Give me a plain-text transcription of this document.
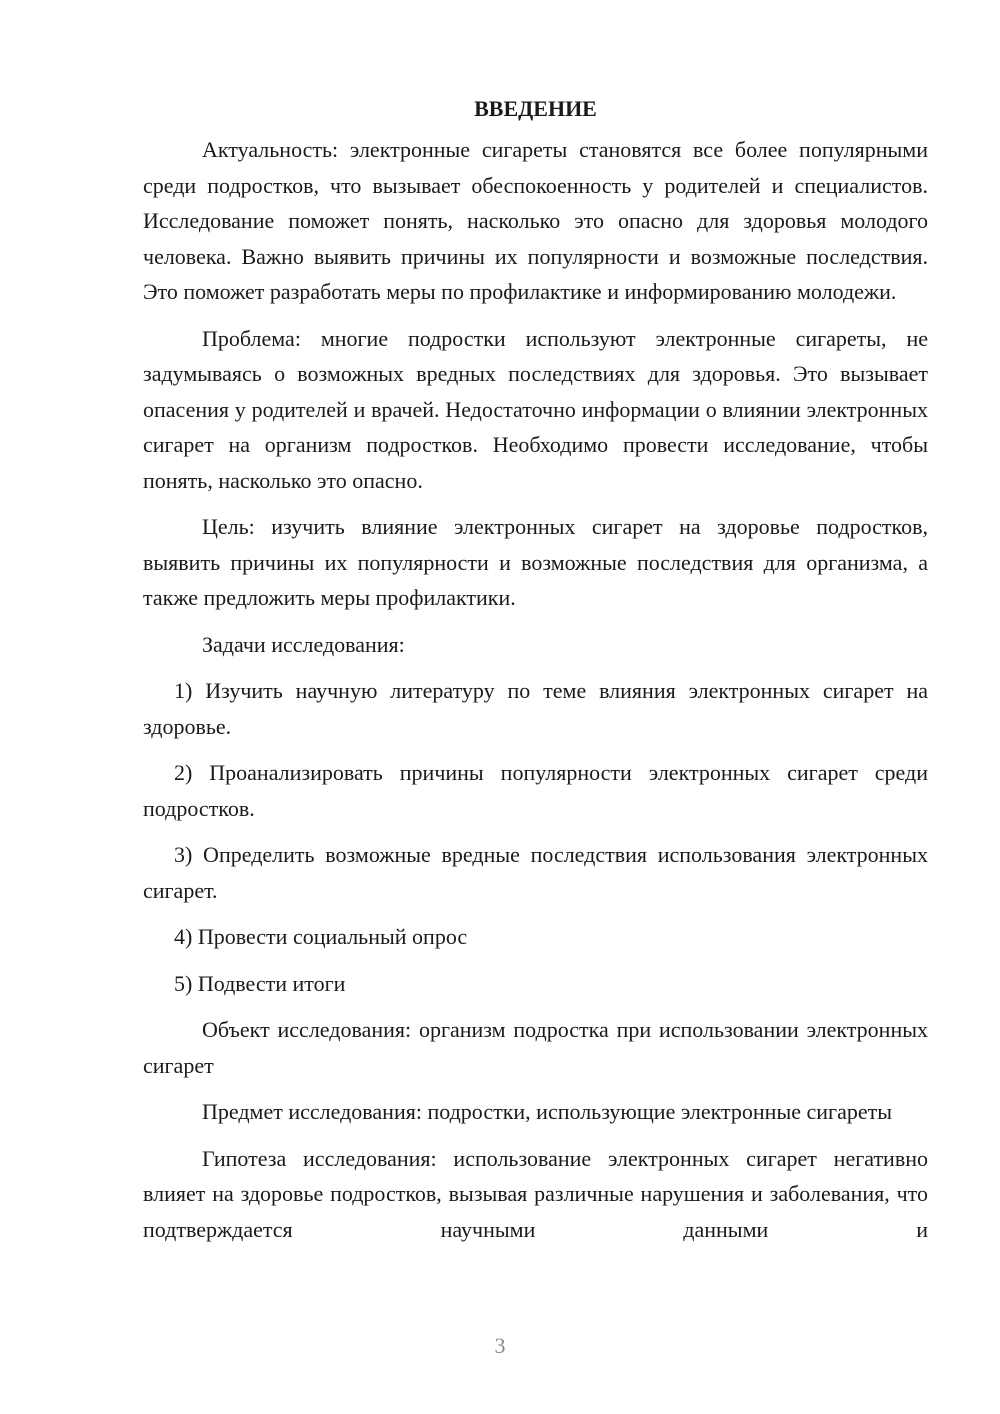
ВВЕДЕНИЕ

Актуальность: электронные сигареты становятся все более популярными среди подростков, что вызывает обеспокоенность у родителей и специалистов. Исследование поможет понять, насколько это опасно для здоровья молодого человека. Важно выявить причины их популярности и возможные последствия. Это поможет разработать меры по профилактике и информированию молодежи.

Проблема: многие подростки используют электронные сигареты, не задумываясь о возможных вредных последствиях для здоровья. Это вызывает опасения у родителей и врачей. Недостаточно информации о влиянии электронных сигарет на организм подростков. Необходимо провести исследование, чтобы понять, насколько это опасно.

Цель: изучить влияние электронных сигарет на здоровье подростков, выявить причины их популярности и возможные последствия для организма, а также предложить меры профилактики.

Задачи исследования:

1) Изучить научную литературу по теме влияния электронных сигарет на здоровье.

2) Проанализировать причины популярности электронных сигарет среди подростков.

3) Определить возможные вредные последствия использования электронных сигарет.

4) Провести социальный опрос

5) Подвести итоги

Объект исследования: организм подростка при использовании электронных сигарет

Предмет исследования: подростки, использующие электронные сигареты

Гипотеза исследования: использование электронных сигарет негативно влияет на здоровье подростков, вызывая различные нарушения и заболевания, что подтверждается научными данными и

3
